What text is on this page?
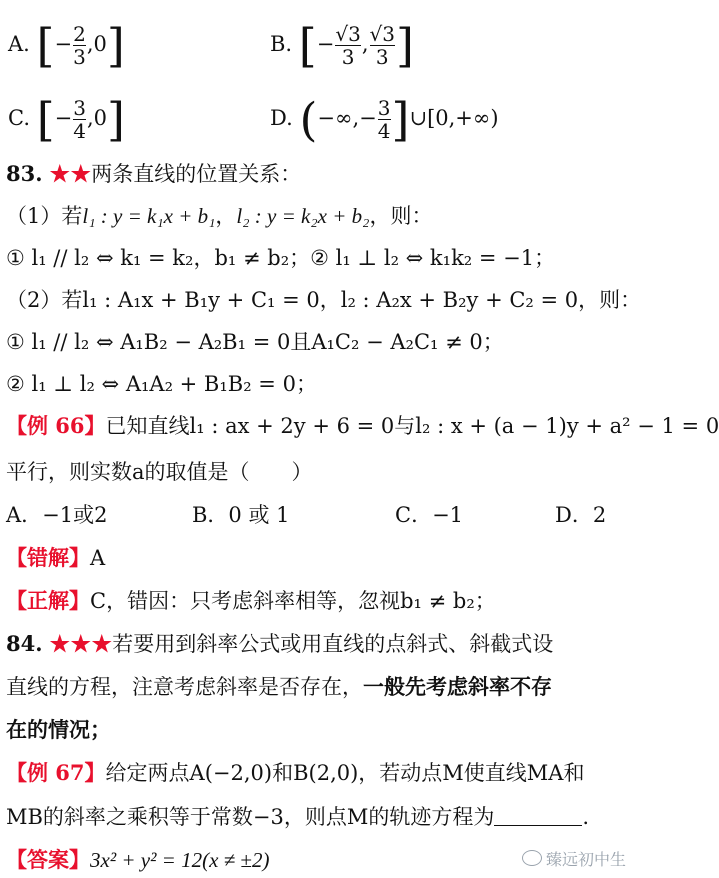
A. [− $\frac{2}{3} ,0$]	B. [− $\frac{√3}{3}$ , $\frac{√3}{3}$ ]
C. [− $\frac{3}{4} ,0$]	D. (−∞,− $\frac{3}{4}$ ]∪[0,+∞)
83. ★★两条直线的位置关系：
（1）若l₁ : y = k₁x + b₁，l₂ : y = k₂x + b₂，则：
① l₁ // l₂ ⇔ k₁ = k₂，b₁ ≠ b₂；② l₁ ⊥ l₂ ⇔ k₁k₂ = −1；
（2）若l₁ : A₁x + B₁y + C₁ = 0，l₂ : A₂x + B₂y + C₂ = 0，则：
① l₁ // l₂ ⇔ A₁B₂ − A₂B₁ = 0且A₁C₂ − A₂C₁ ≠ 0；
② l₁ ⊥ l₂ ⇔ A₁A₂ + B₁B₂ = 0；
【例 66】已知直线l₁ : ax + 2y + 6 = 0与l₂ : x + (a − 1)y + a² − 1 = 0
平行，则实数a的取值是（　　）
A．−1或2	B．0 或 1	C．−1	D．2
【错解】A
【正解】C，错因：只考虑斜率相等，忽视b₁ ≠ b₂；
84. ★★★若要用到斜率公式或用直线的点斜式、斜截式设
直线的方程，注意考虑斜率是否存在，一般先考虑斜率不存
在的情况；
【例 67】给定两点A(−2,0)和B(2,0)，若动点M使直线MA和
MB的斜率之乘积等于常数−3，则点M的轨迹方程为	.
【答案】3x² + y² = 12(x ≠ ±2)	臻远初中生
